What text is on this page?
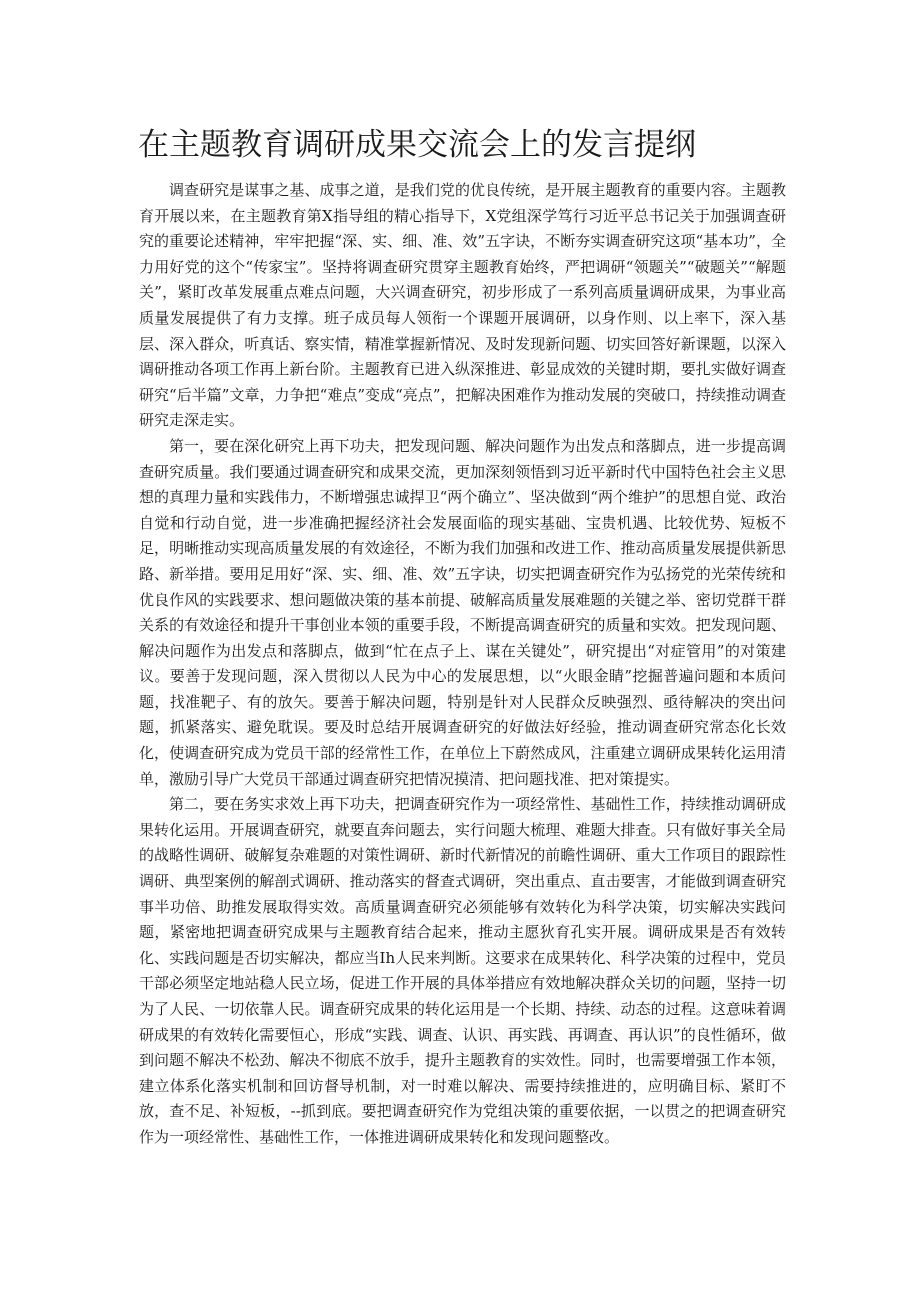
在主题教育调研成果交流会上的发言提纲

调查研究是谋事之基、成事之道，是我们党的优良传统，是开展主题教育的重要内容。主题教育开展以来，在主题教育第X指导组的精心指导下，X党组深学笃行习近平总书记关于加强调查研究的重要论述精神，牢牢把握“深、实、细、准、效”五字诀，不断夯实调查研究这项“基本功”，全力用好党的这个“传家宝”。坚持将调查研究贯穿主题教育始终，严把调研“领题关”“破题关”“解题关”，紧盯改革发展重点难点问题，大兴调查研究，初步形成了一系列高质量调研成果，为事业高质量发展提供了有力支撑。班子成员每人领衔一个课题开展调研，以身作则、以上率下，深入基层、深入群众，听真话、察实情，精准掌握新情况、及时发现新问题、切实回答好新课题，以深入调研推动各项工作再上新台阶。主题教育已进入纵深推进、彰显成效的关键时期，要扎实做好调查研究“后半篇”文章，力争把“难点”变成“亮点”，把解决困难作为推动发展的突破口，持续推动调查研究走深走实。

第一，要在深化研究上再下功夫，把发现问题、解决问题作为出发点和落脚点，进一步提高调查研究质量。我们要通过调查研究和成果交流，更加深刻领悟到习近平新时代中国特色社会主义思想的真理力量和实践伟力，不断增强忠诚捍卫“两个确立”、坚决做到“两个维护”的思想自觉、政治自觉和行动自觉，进一步准确把握经济社会发展面临的现实基础、宝贵机遇、比较优势、短板不足，明晰推动实现高质量发展的有效途径，不断为我们加强和改进工作、推动高质量发展提供新思路、新举措。要用足用好“深、实、细、准、效”五字诀，切实把调查研究作为弘扬党的光荣传统和优良作风的实践要求、想问题做决策的基本前提、破解高质量发展难题的关键之举、密切党群干群关系的有效途径和提升干事创业本领的重要手段，不断提高调查研究的质量和实效。把发现问题、解决问题作为出发点和落脚点，做到“忙在点子上、谋在关键处”，研究提出“对症管用”的对策建议。要善于发现问题，深入贯彻以人民为中心的发展思想，以“火眼金睛”挖掘普遍问题和本质问题，找准靶子、有的放矢。要善于解决问题，特别是针对人民群众反映强烈、亟待解决的突出问题，抓紧落实、避免耽误。要及时总结开展调查研究的好做法好经验，推动调查研究常态化长效化，使调查研究成为党员干部的经常性工作，在单位上下蔚然成风，注重建立调研成果转化运用清单，激励引导广大党员干部通过调查研究把情况摸清、把问题找准、把对策提实。

第二，要在务实求效上再下功夫，把调查研究作为一项经常性、基础性工作，持续推动调研成果转化运用。开展调查研究，就要直奔问题去，实行问题大梳理、难题大排查。只有做好事关全局的战略性调研、破解复杂难题的对策性调研、新时代新情况的前瞻性调研、重大工作项目的跟踪性调研、典型案例的解剖式调研、推动落实的督查式调研，突出重点、直击要害，才能做到调查研究事半功倍、助推发展取得实效。高质量调查研究必须能够有效转化为科学决策，切实解决实践问题，紧密地把调查研究成果与主题教育结合起来，推动主愿狄育孔实开展。调研成果是否有效转化、实践问题是否切实解决，都应当Ih人民来判断。这要求在成果转化、科学决策的过程中，党员干部必须坚定地站稳人民立场，促进工作开展的具体举措应有效地解决群众关切的问题，坚持一切为了人民、一切依靠人民。调查研究成果的转化运用是一个长期、持续、动态的过程。这意味着调研成果的有效转化需要恒心，形成“实践、调查、认识、再实践、再调查、再认识”的良性循环，做到问题不解决不松劲、解决不彻底不放手，提升主题教育的实效性。同时，也需要增强工作本领，建立体系化落实机制和回访督导机制，对一时难以解决、需要持续推进的，应明确目标、紧盯不放，查不足、补短板，--抓到底。要把调查研究作为党组决策的重要依据，一以贯之的把调查研究作为一项经常性、基础性工作，一体推进调研成果转化和发现问题整改。
